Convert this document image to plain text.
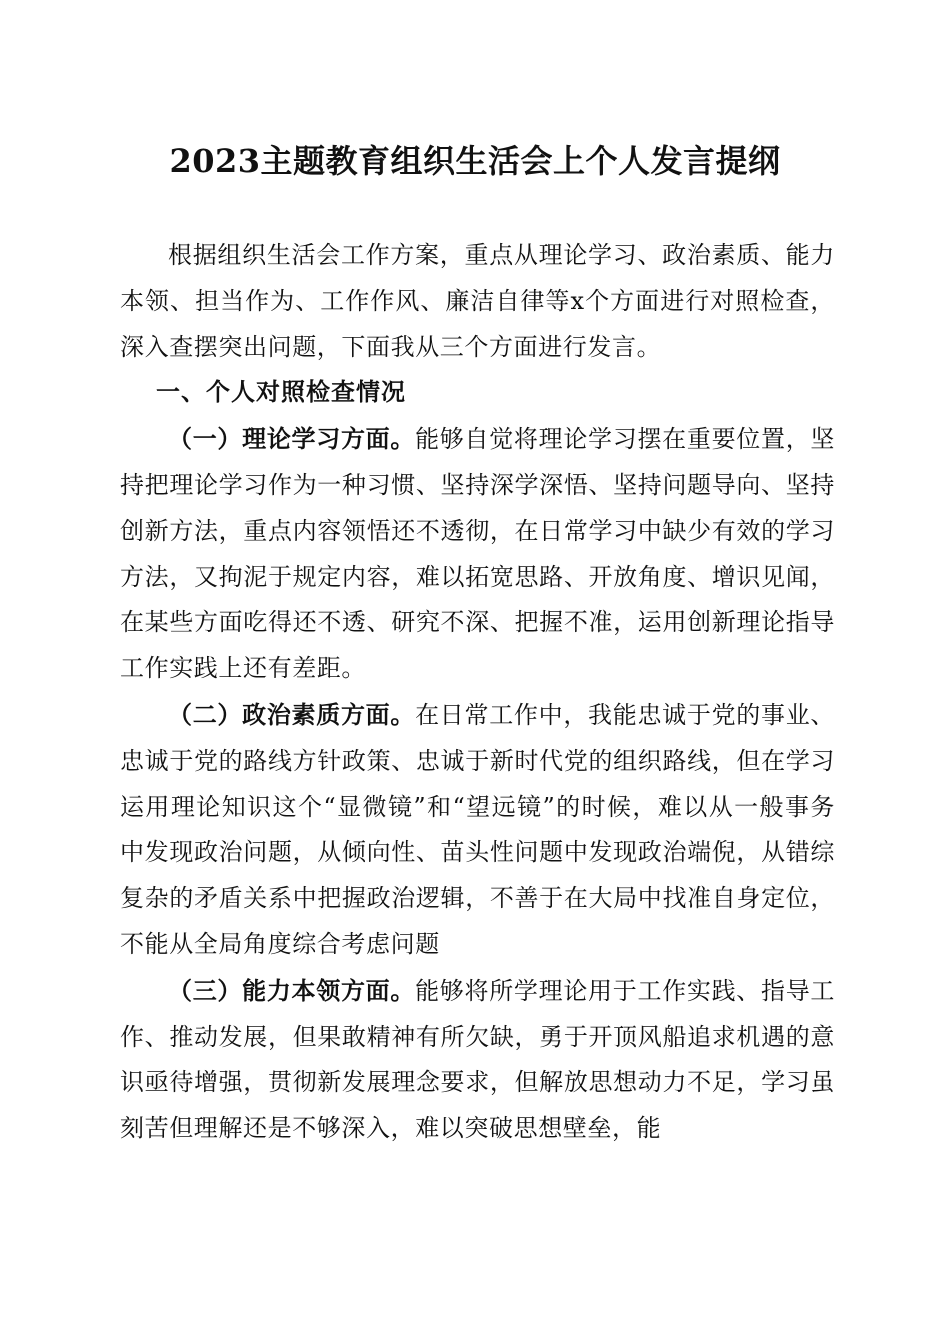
2023主题教育组织生活会上个人发言提纲

根据组织生活会工作方案，重点从理论学习、政治素质、能力本领、担当作为、工作作风、廉洁自律等x个方面进行对照检查，深入查摆突出问题，下面我从三个方面进行发言。

一、个人对照检查情况

（一）理论学习方面。能够自觉将理论学习摆在重要位置，坚持把理论学习作为一种习惯、坚持深学深悟、坚持问题导向、坚持创新方法，重点内容领悟还不透彻，在日常学习中缺少有效的学习方法，又拘泥于规定内容，难以拓宽思路、开放角度、增识见闻，在某些方面吃得还不透、研究不深、把握不准，运用创新理论指导工作实践上还有差距。

（二）政治素质方面。在日常工作中，我能忠诚于党的事业、忠诚于党的路线方针政策、忠诚于新时代党的组织路线，但在学习运用理论知识这个“显微镜”和“望远镜”的时候，难以从一般事务中发现政治问题，从倾向性、苗头性问题中发现政治端倪，从错综复杂的矛盾关系中把握政治逻辑，不善于在大局中找准自身定位，不能从全局角度综合考虑问题

（三）能力本领方面。能够将所学理论用于工作实践、指导工作、推动发展，但果敢精神有所欠缺，勇于开顶风船追求机遇的意识亟待增强，贯彻新发展理念要求，但解放思想动力不足，学习虽刻苦但理解还是不够深入，难以突破思想壁垒，能
